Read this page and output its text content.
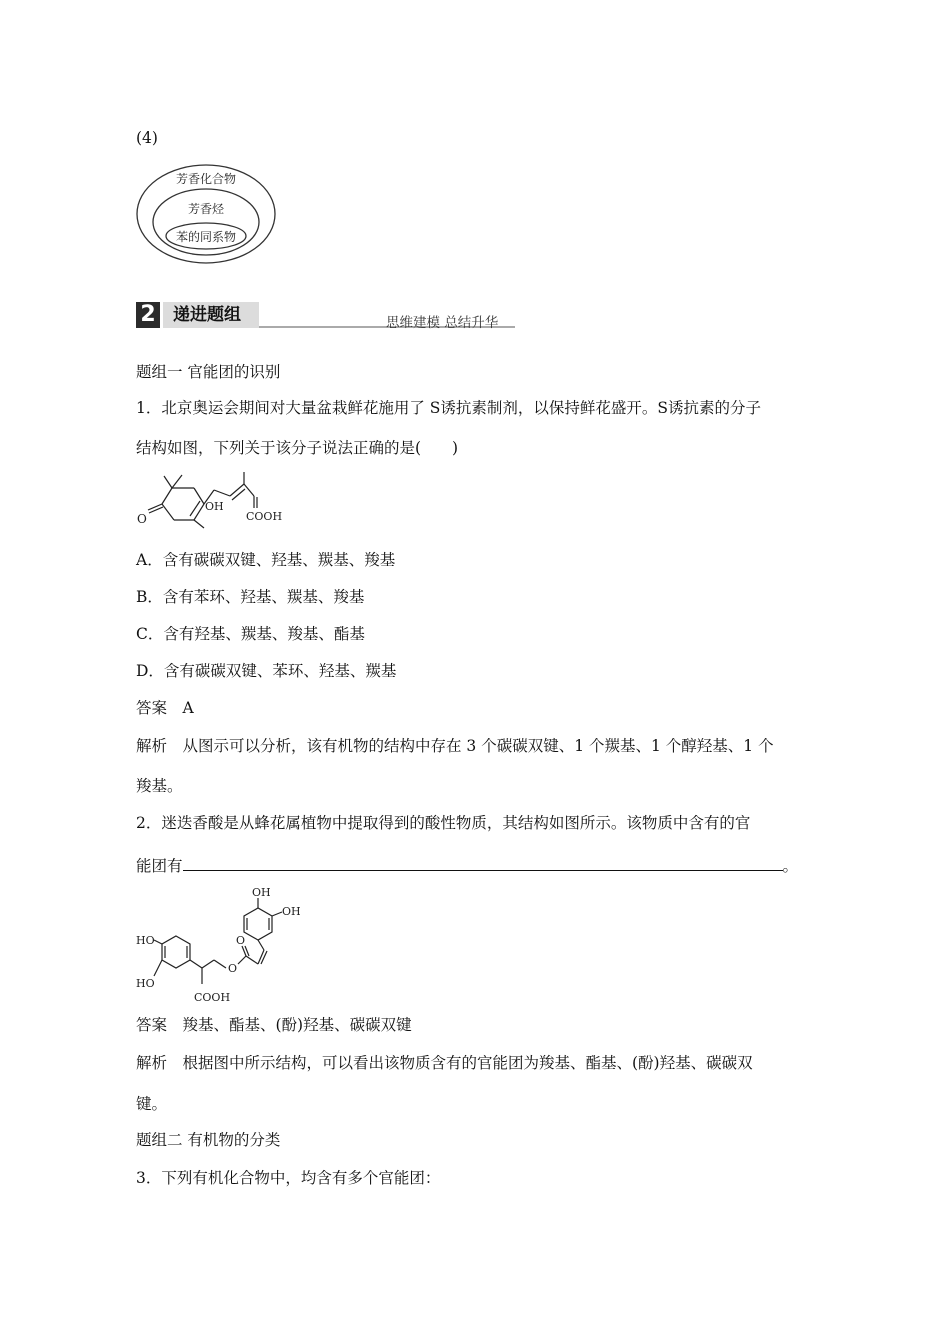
(4)
芳香化合物
芳香烃
苯的同系物
2	递进题组	思维建模 总结升华
题组一 官能团的识别
1．北京奥运会期间对大量盆栽鲜花施用了 S诱抗素制剂，以保持鲜花盛开。S诱抗素的分子
结构如图，下列关于该分子说法正确的是(　　)
O
OH
COOH
A．含有碳碳双键、羟基、羰基、羧基
B．含有苯环、羟基、羰基、羧基
C．含有羟基、羰基、羧基、酯基
D．含有碳碳双键、苯环、羟基、羰基
答案　A
解析　从图示可以分析，该有机物的结构中存在 3 个碳碳双键、1 个羰基、1 个醇羟基、1 个
羧基。
2．迷迭香酸是从蜂花属植物中提取得到的酸性物质，其结构如图所示。该物质中含有的官
能团有	。
HO
HO
O
O
COOH
OH
OH
答案　羧基、酯基、(酚)羟基、碳碳双键
解析　根据图中所示结构，可以看出该物质含有的官能团为羧基、酯基、(酚)羟基、碳碳双
键。
题组二 有机物的分类
3．下列有机化合物中，均含有多个官能团：
